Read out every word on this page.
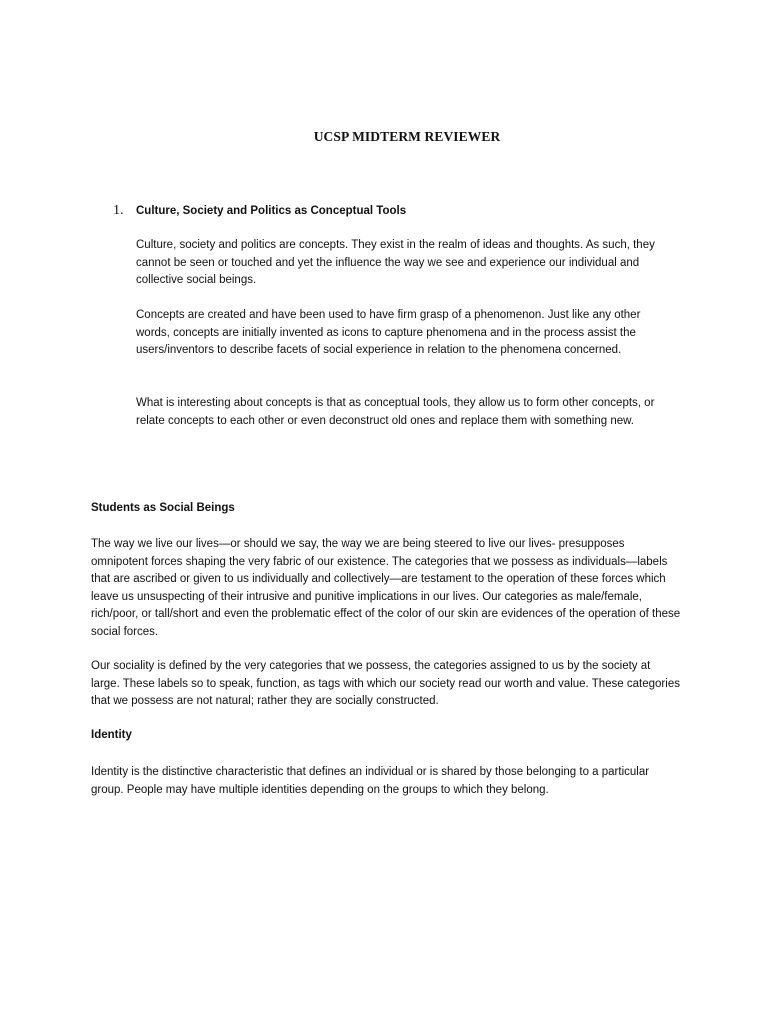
UCSP MIDTERM REVIEWER
1. Culture, Society and Politics as Conceptual Tools

Culture, society and politics are concepts. They exist in the realm of ideas and thoughts. As such, they cannot be seen or touched and yet the influence the way we see and experience our individual and collective social beings.

Concepts are created and have been used to have firm grasp of a phenomenon. Just like any other words, concepts are initially invented as icons to capture phenomena and in the process assist the users/inventors to describe facets of social experience in relation to the phenomena concerned.

What is interesting about concepts is that as conceptual tools, they allow us to form other concepts, or relate concepts to each other or even deconstruct old ones and replace them with something new.

Students as Social Beings

The way we live our lives—or should we say, the way we are being steered to live our lives- presupposes omnipotent forces shaping the very fabric of our existence. The categories that we possess as individuals—labels that are ascribed or given to us individually and collectively—are testament to the operation of these forces which leave us unsuspecting of their intrusive and punitive implications in our lives. Our categories as male/female, rich/poor, or tall/short and even the problematic effect of the color of our skin are evidences of the operation of these social forces.

Our sociality is defined by the very categories that we possess, the categories assigned to us by the society at large. These labels so to speak, function, as tags with which our society read our worth and value. These categories that we possess are not natural; rather they are socially constructed.

Identity

Identity is the distinctive characteristic that defines an individual or is shared by those belonging to a particular group. People may have multiple identities depending on the groups to which they belong.
